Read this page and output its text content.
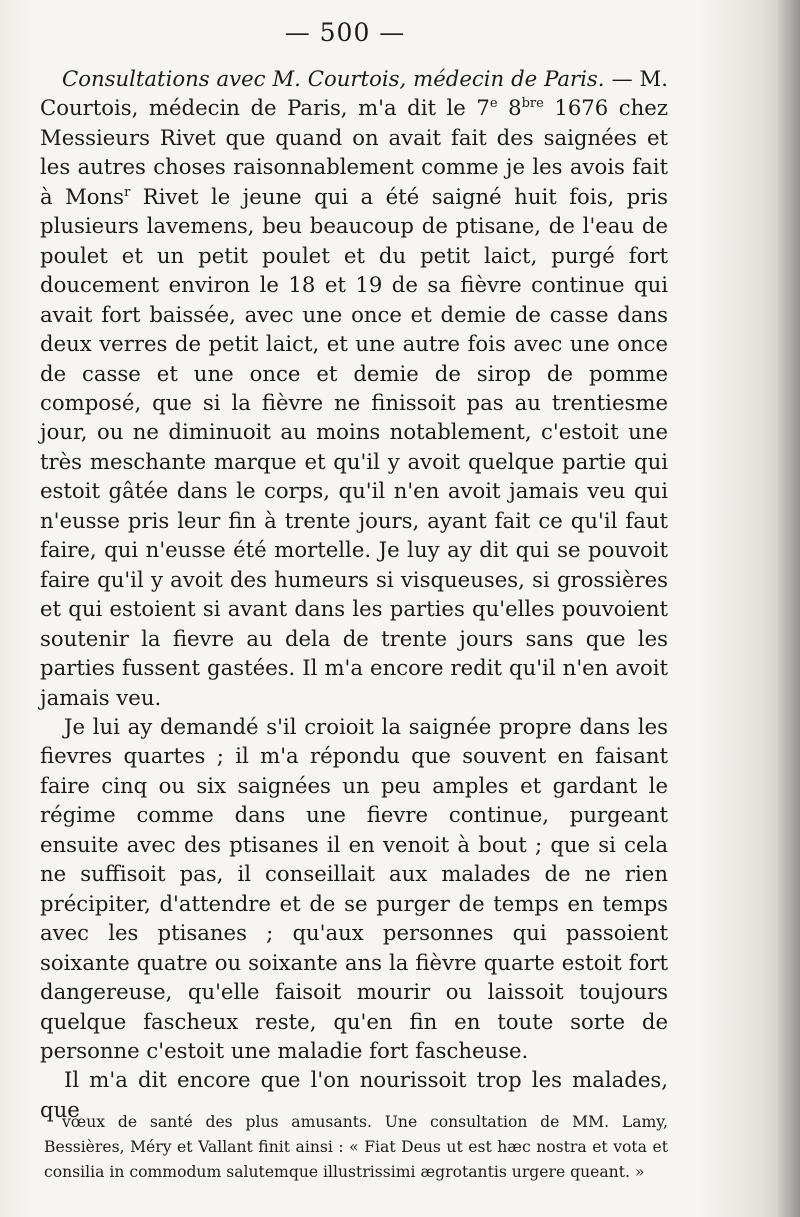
— 500 —

Consultations avec M. Courtois, médecin de Paris. — M. Courtois, médecin de Paris, m'a dit le 7e $8^{bre}$ 1676 chez Messieurs Rivet que quand on avait fait des saignées et les autres choses raisonnablement comme je les avois fait à Mons$^r$ Rivet le jeune qui a été saigné huit fois, pris plusieurs lavemens, beu beaucoup de ptisane, de l'eau de poulet et un petit poulet et du petit laict, purgé fort doucement environ le 18 et 19 de sa fièvre continue qui avait fort baissée, avec une once et demie de casse dans deux verres de petit laict, et une autre fois avec une once de casse et une once et demie de sirop de pomme composé, que si la fièvre ne finissoit pas au trentiesme jour, ou ne diminuoit au moins notablement, c'estoit une très meschante marque et qu'il y avoit quelque partie qui estoit gâtée dans le corps, qu'il n'en avoit jamais veu qui n'eusse pris leur fin à trente jours, ayant fait ce qu'il faut faire, qui n'eusse été mortelle. Je luy ay dit qui se pouvoit faire qu'il y avoit des humeurs si visqueuses, si grossières et qui estoient si avant dans les parties qu'elles pouvoient soutenir la fievre au dela de trente jours sans que les parties fussent gastées. Il m'a encore redit qu'il n'en avoit jamais veu.

Je lui ay demandé s'il croioit la saignée propre dans les fievres quartes ; il m'a répondu que souvent en faisant faire cinq ou six saignées un peu amples et gardant le régime comme dans une fievre continue, purgeant ensuite avec des ptisanes il en venoit à bout ; que si cela ne suffisoit pas, il conseillait aux malades de ne rien précipiter, d'attendre et de se purger de temps en temps avec les ptisanes ; qu'aux personnes qui passoient soixante quatre ou soixante ans la fièvre quarte estoit fort dangereuse, qu'elle faisoit mourir ou laissoit toujours quelque fascheux reste, qu'en fin en toute sorte de personne c'estoit une maladie fort fascheuse.

Il m'a dit encore que l'on nourissoit trop les malades, que

vœux de santé des plus amusants. Une consultation de MM. Lamy, Bessières, Méry et Vallant finit ainsi : « Fiat Deus ut est hæc nostra et vota et consilia in commodum salutemque illustrissimi ægrotantis urgere queant. »
